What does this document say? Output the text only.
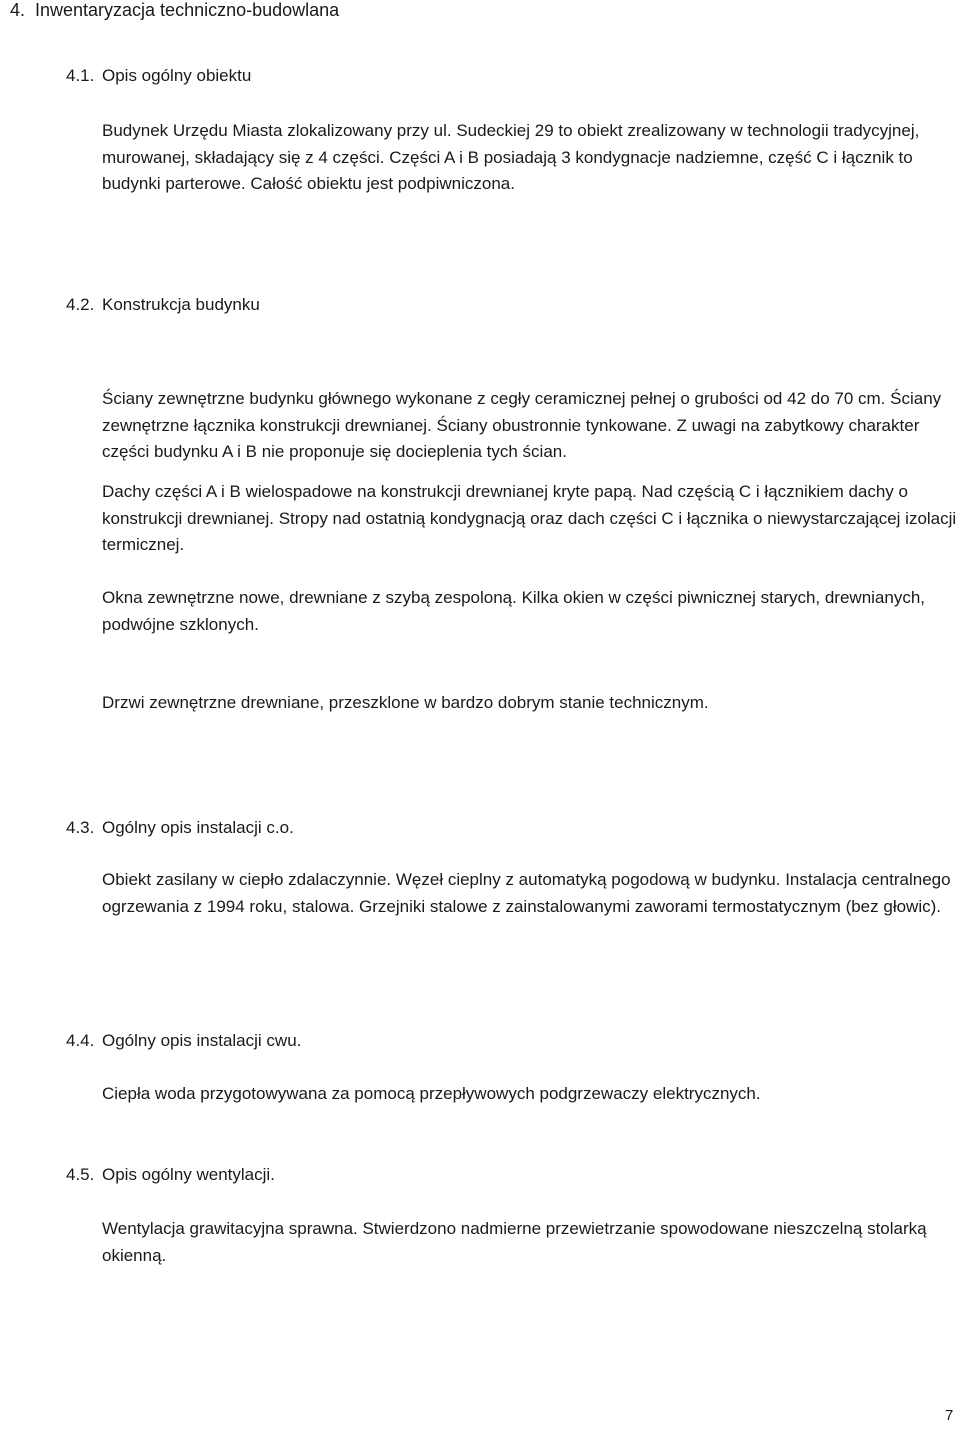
4. Inwentaryzacja techniczno-budowlana
4.1. Opis ogólny obiektu
Budynek Urzędu Miasta zlokalizowany przy ul. Sudeckiej 29 to obiekt zrealizowany w technologii tradycyjnej, murowanej, składający się z 4 części. Części A i B posiadają 3 kondygnacje nadziemne, część C i łącznik to budynki parterowe. Całość obiektu jest podpiwniczona.
4.2. Konstrukcja budynku
Ściany zewnętrzne budynku głównego wykonane z cegły ceramicznej pełnej o grubości od 42 do 70 cm. Ściany zewnętrzne łącznika konstrukcji drewnianej. Ściany obustronnie tynkowane. Z uwagi na zabytkowy charakter części budynku A i B nie proponuje się docieplenia tych ścian.
Dachy części A i B wielospadowe na konstrukcji drewnianej kryte papą. Nad częścią C i łącznikiem dachy o konstrukcji drewnianej. Stropy nad ostatnią kondygnacją oraz dach części C i łącznika o niewystarczającej izolacji termicznej.
Okna zewnętrzne nowe, drewniane z szybą zespoloną. Kilka okien w części piwnicznej starych, drewnianych, podwójne szklonych.
Drzwi zewnętrzne drewniane, przeszklone w bardzo dobrym stanie technicznym.
4.3. Ogólny opis instalacji c.o.
Obiekt zasilany w ciepło zdalaczynnie. Węzeł cieplny z automatyką pogodową w budynku. Instalacja centralnego ogrzewania z 1994 roku, stalowa. Grzejniki stalowe z zainstalowanymi zaworami termostatycznym (bez głowic).
4.4. Ogólny opis instalacji cwu.
Ciepła woda przygotowywana za pomocą przepływowych podgrzewaczy elektrycznych.
4.5. Opis ogólny wentylacji.
Wentylacja grawitacyjna sprawna. Stwierdzono nadmierne przewietrzanie spowodowane nieszczelną stolarką okienną.
7
